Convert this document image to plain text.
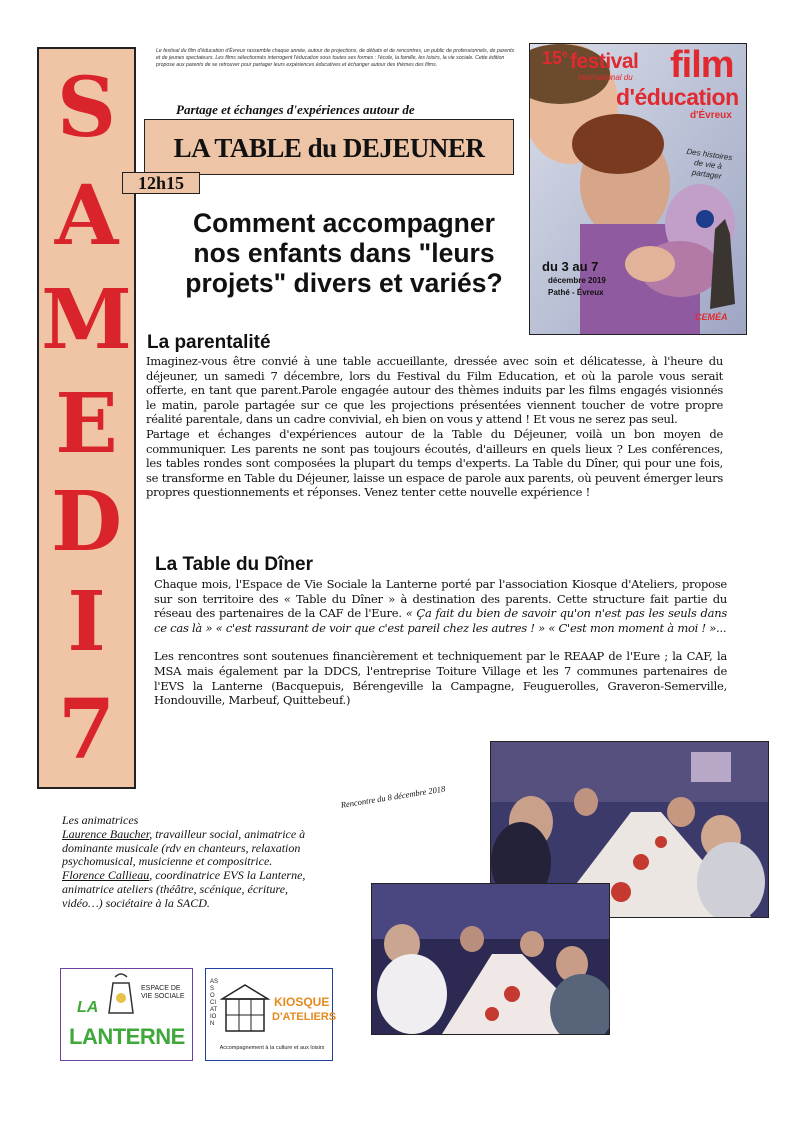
S
A
M
E
D
I
7
Le festival du film d'éducation d'Évreux rassemble chaque année, autour de projections, de débats et de rencontres, un public de professionnels, de parents et de jeunes spectateurs. Les films sélectionnés interrogent l'éducation sous toutes ses formes : l'école, la famille, les loisirs, la vie sociale. Cette édition propose aux parents de se retrouver pour partager leurs expériences éducatives et échanger autour des thèmes des films.
Partage et échanges d'expériences autour de
LA TABLE du DEJEUNER
12h15
Comment accompagner nos enfants dans "leurs projets" divers et variés?
15e festival
international du film
d'éducation
d'Évreux
Des histoires de vie à partager
du 3 au 7
décembre 2019
Pathé - Évreux
CEMÉA
La parentalité

Imaginez-vous être convié à une table accueillante, dressée avec soin et délicatesse, à l'heure du déjeuner, un samedi 7 décembre, lors du Festival du Film Education, et où la parole vous serait offerte, en tant que parent.Parole engagée autour des thèmes induits par les films engagés visionnés le matin, parole partagée sur ce que les projections présentées viennent toucher de votre propre réalité parentale, dans un cadre convivial, eh bien on vous y attend ! Et vous ne serez pas seul.

Partage et échanges d'expériences autour de la Table du Déjeuner, voilà un bon moyen de communiquer. Les parents ne sont pas toujours écoutés, d'ailleurs en quels lieux ? Les conférences, les tables rondes sont composées la plupart du temps d'experts. La Table du Dîner, qui pour une fois, se transforme en Table du Déjeuner, laisse un espace de parole aux parents, où peuvent émerger leurs propres questionnements et réponses. Venez tenter cette nouvelle expérience !

La Table du Dîner

Chaque mois, l'Espace de Vie Sociale la Lanterne porté par l'association Kiosque d'Ateliers, propose sur son territoire des « Table du Dîner » à destination des parents. Cette structure fait partie du réseau des partenaires de la CAF de l'Eure. « Ça fait du bien de savoir qu'on n'est pas les seuls dans ce cas là » « c'est rassurant de voir que c'est pareil chez les autres ! » « C'est mon moment à moi ! »...

Les rencontres sont soutenues financièrement et techniquement par le REAAP de l'Eure ; la CAF, la MSA mais également par la DDCS, l'entreprise Toiture Village et les 7 communes partenaires de l'EVS la Lanterne (Bacquepuis, Bérengeville la Campagne, Feuguerolles, Graveron-Semerville, Hondouville, Marbeuf, Quittebeuf.)

Rencontre du 8 décembre 2018
Les animatrices
Laurence Baucher, travailleur social, animatrice à dominante musicale (rdv en chanteurs, relaxation psychomusical, musicienne et compositrice.
Florence Callieau, coordinatrice EVS la Lanterne, animatrice ateliers (théâtre, scénique, écriture, vidéo…) sociétaire à la SACD.
LA
ESPACE DE VIE SOCIALE
LANTERNE
ASSOCIATION
KIOSQUE
D'ATELIERS
Accompagnement à la culture et aux loisirs
